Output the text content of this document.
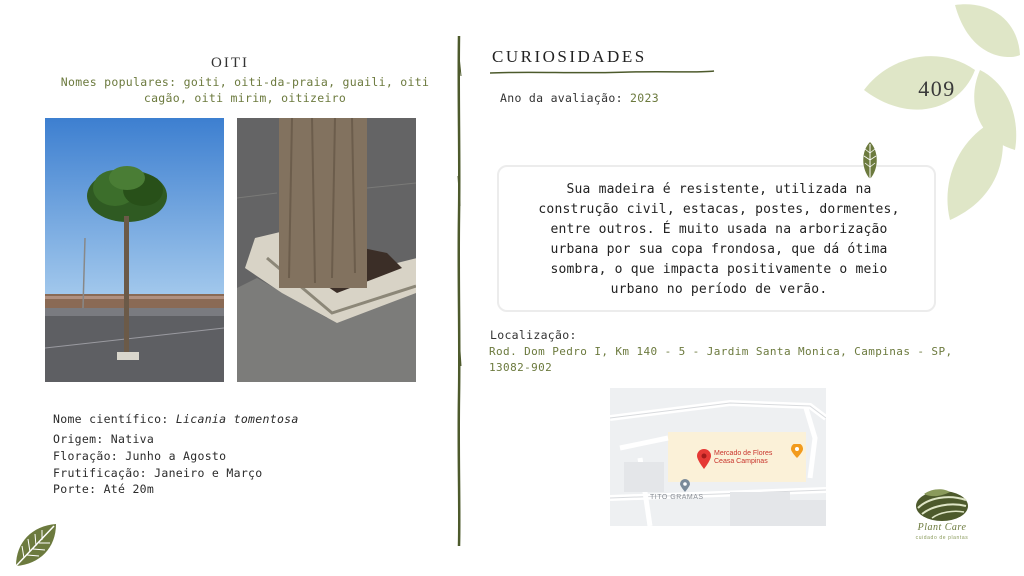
409
OITI
Nomes populares: goiti, oiti-da-praia, guaili, oiti cagão, oiti mirim, oitizeiro
Nome científico: Licania tomentosa
Origem: Nativa
Floração: Junho a Agosto
Frutificação: Janeiro e Março
Porte: Até 20m
CURIOSIDADES
Ano da avaliação: 2023
Sua madeira é resistente, utilizada na construção civil, estacas, postes, dormentes, entre outros. É muito usada na arborização urbana por sua copa frondosa, que dá ótima sombra, o que impacta positivamente o meio urbano no período de verão.
Localização:
Rod. Dom Pedro I, Km 140 - 5 - Jardim Santa Monica, Campinas - SP, 13082-902
Mercado de Flores
Ceasa Campinas
TITO GRAMAS
Plant Care
cuidado de plantas
